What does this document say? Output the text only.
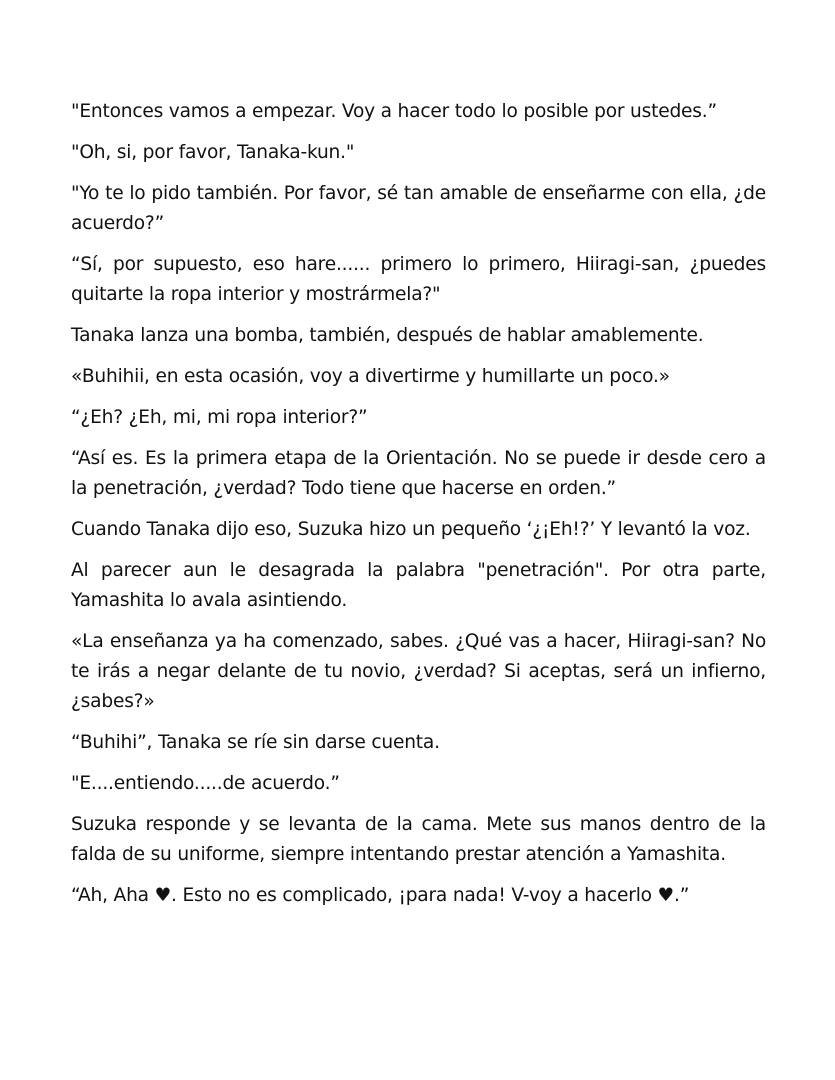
"Entonces vamos a empezar. Voy a hacer todo lo posible por ustedes.”

"Oh, si, por favor, Tanaka-kun."

"Yo te lo pido también. Por favor, sé tan amable de enseñarme con ella, ¿de acuerdo?”

“Sí, por supuesto, eso hare...... primero lo primero, Hiiragi-san, ¿puedes quitarte la ropa interior y mostrármela?"

Tanaka lanza una bomba, también, después de hablar amablemente.

«Buhihii, en esta ocasión, voy a divertirme y humillarte un poco.»

“¿Eh? ¿Eh, mi, mi ropa interior?”

“Así es. Es la primera etapa de la Orientación. No se puede ir desde cero a la penetración, ¿verdad? Todo tiene que hacerse en orden.”

Cuando Tanaka dijo eso, Suzuka hizo un pequeño ‘¿¡Eh!?’ Y levantó la voz.

Al parecer aun le desagrada la palabra "penetración". Por otra parte, Yamashita lo avala asintiendo.

«La enseñanza ya ha comenzado, sabes. ¿Qué vas a hacer, Hiiragi-san? No te irás a negar delante de tu novio, ¿verdad? Si aceptas, será un infierno, ¿sabes?»

“Buhihi”, Tanaka se ríe sin darse cuenta.

"E....entiendo.....de acuerdo.”

Suzuka responde y se levanta de la cama. Mete sus manos dentro de la falda de su uniforme, siempre intentando prestar atención a Yamashita.

“Ah, Aha ♥. Esto no es complicado, ¡para nada! V-voy a hacerlo ♥.”
